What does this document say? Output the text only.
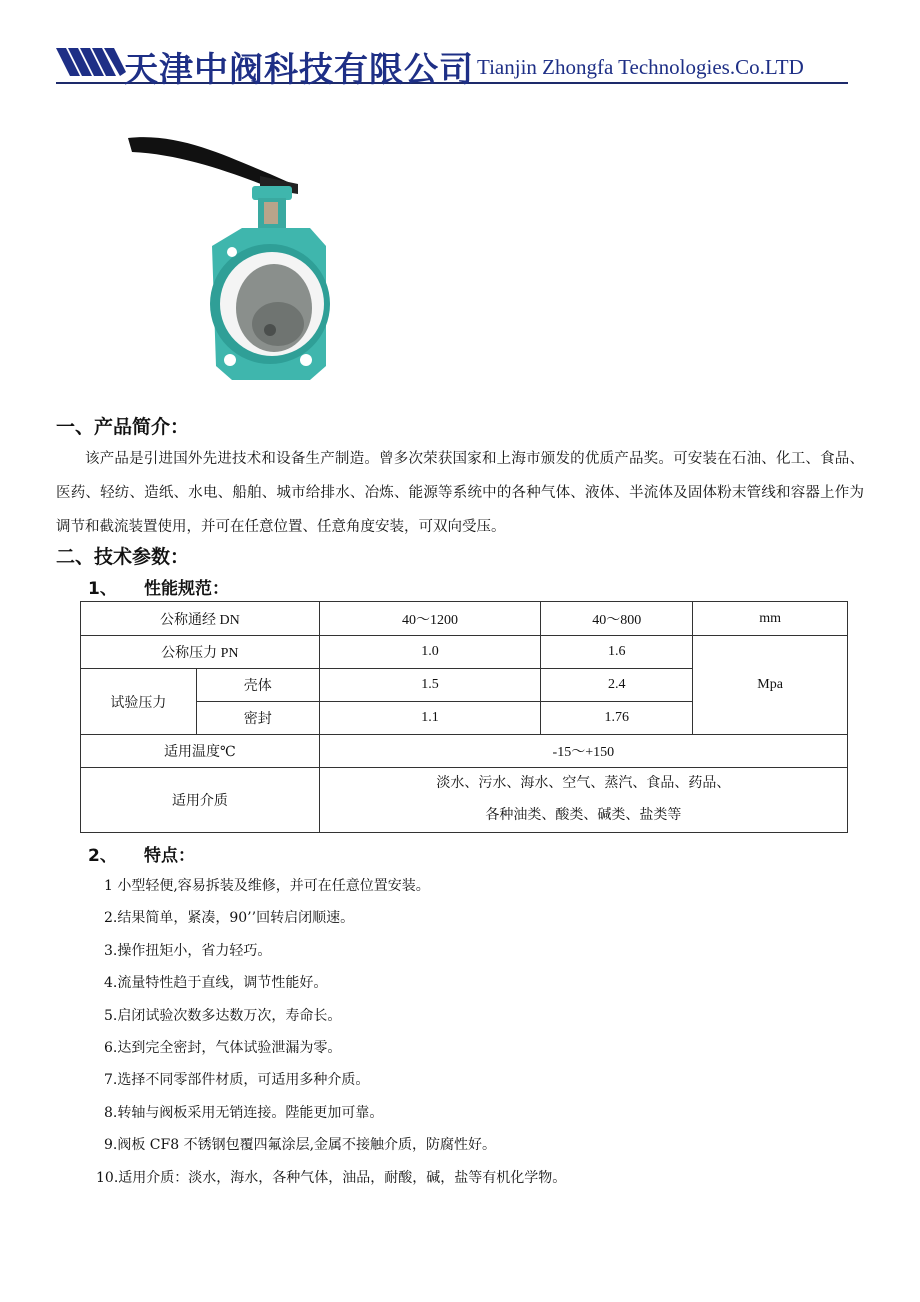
天津中阀科技有限公司 Tianjin Zhongfa Technologies.Co.LTD
一、产品简介：
该产品是引进国外先进技术和设备生产制造。曾多次荣获国家和上海市颁发的优质产品奖。可安装在石油、化工、食品、医药、轻纺、造纸、水电、船舶、城市给排水、冶炼、能源等系统中的各种气体、液体、半流体及固体粉末管线和容器上作为调节和截流装置使用，并可在任意位置、任意角度安装，可双向受压。
二、技术参数：
1、 性能规范：
公称通经 DN		40～1200	40～800	mm
公称压力 PN		1.0	1.6	Mpa
试验压力	壳体	1.5	2.4	
	密封	1.1	1.76	
适用温度℃		-15～+150		
适用介质		淡水、污水、海水、空气、蒸汽、食品、药品、
各种油类、酸类、碱类、盐类等		
2、 特点：
1 小型轻便,容易拆装及维修，并可在任意位置安装。
2.结果简单，紧凑，90’’回转启闭顺速。
3.操作扭矩小，省力轻巧。
4.流量特性趋于直线，调节性能好。
5.启闭试验次数多达数万次，寿命长。
6.达到完全密封，气体试验泄漏为零。
7.选择不同零部件材质，可适用多种介质。
8.转轴与阀板采用无销连接。陛能更加可靠。
9.阀板 CF8 不锈钢包覆四氟涂层,金属不接触介质，防腐性好。
10.适用介质：淡水，海水，各种气体，油品，耐酸，碱，盐等有机化学物。
